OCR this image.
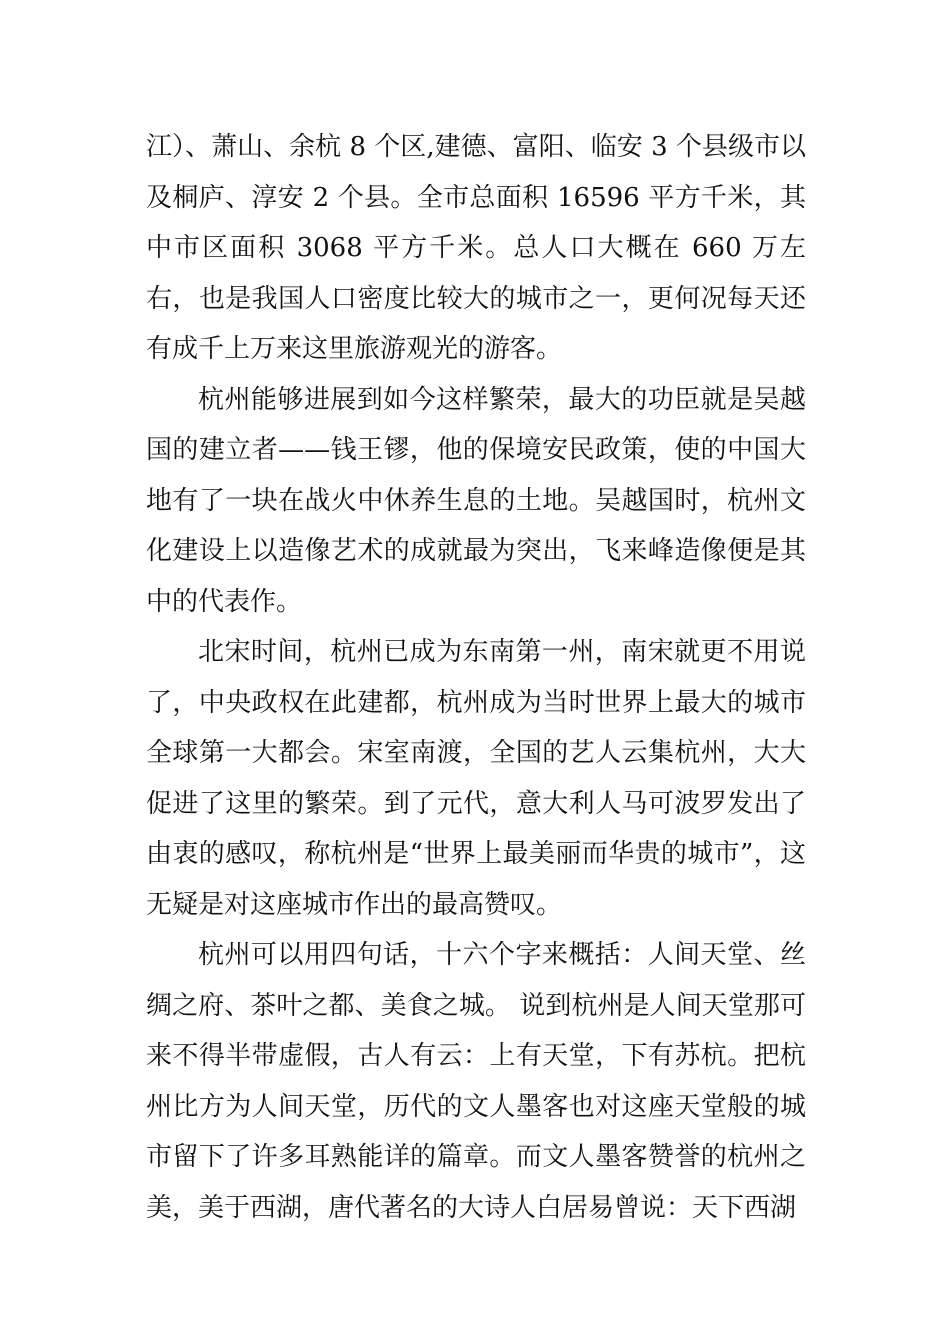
江）、萧山、余杭 8 个区,建德、富阳、临安 3 个县级市以及桐庐、淳安 2 个县。全市总面积 16596 平方千米，其中市区面积 3068 平方千米。总人口大概在 660 万左右，也是我国人口密度比较大的城市之一，更何况每天还有成千上万来这里旅游观光的游客。

杭州能够进展到如今这样繁荣，最大的功臣就是吴越国的建立者——钱王镠，他的保境安民政策，使的中国大地有了一块在战火中休养生息的土地。吴越国时，杭州文化建设上以造像艺术的成就最为突出，飞来峰造像便是其中的代表作。

北宋时间，杭州已成为东南第一州，南宋就更不用说了，中央政权在此建都，杭州成为当时世界上最大的城市全球第一大都会。宋室南渡，全国的艺人云集杭州，大大促进了这里的繁荣。到了元代，意大利人马可波罗发出了由衷的感叹，称杭州是“世界上最美丽而华贵的城市”，这无疑是对这座城市作出的最高赞叹。

杭州可以用四句话，十六个字来概括：人间天堂、丝绸之府、茶叶之都、美食之城。 说到杭州是人间天堂那可来不得半带虚假，古人有云：上有天堂，下有苏杭。把杭州比方为人间天堂，历代的文人墨客也对这座天堂般的城市留下了许多耳熟能详的篇章。而文人墨客赞誉的杭州之美，美于西湖，唐代著名的大诗人白居易曾说：天下西湖
